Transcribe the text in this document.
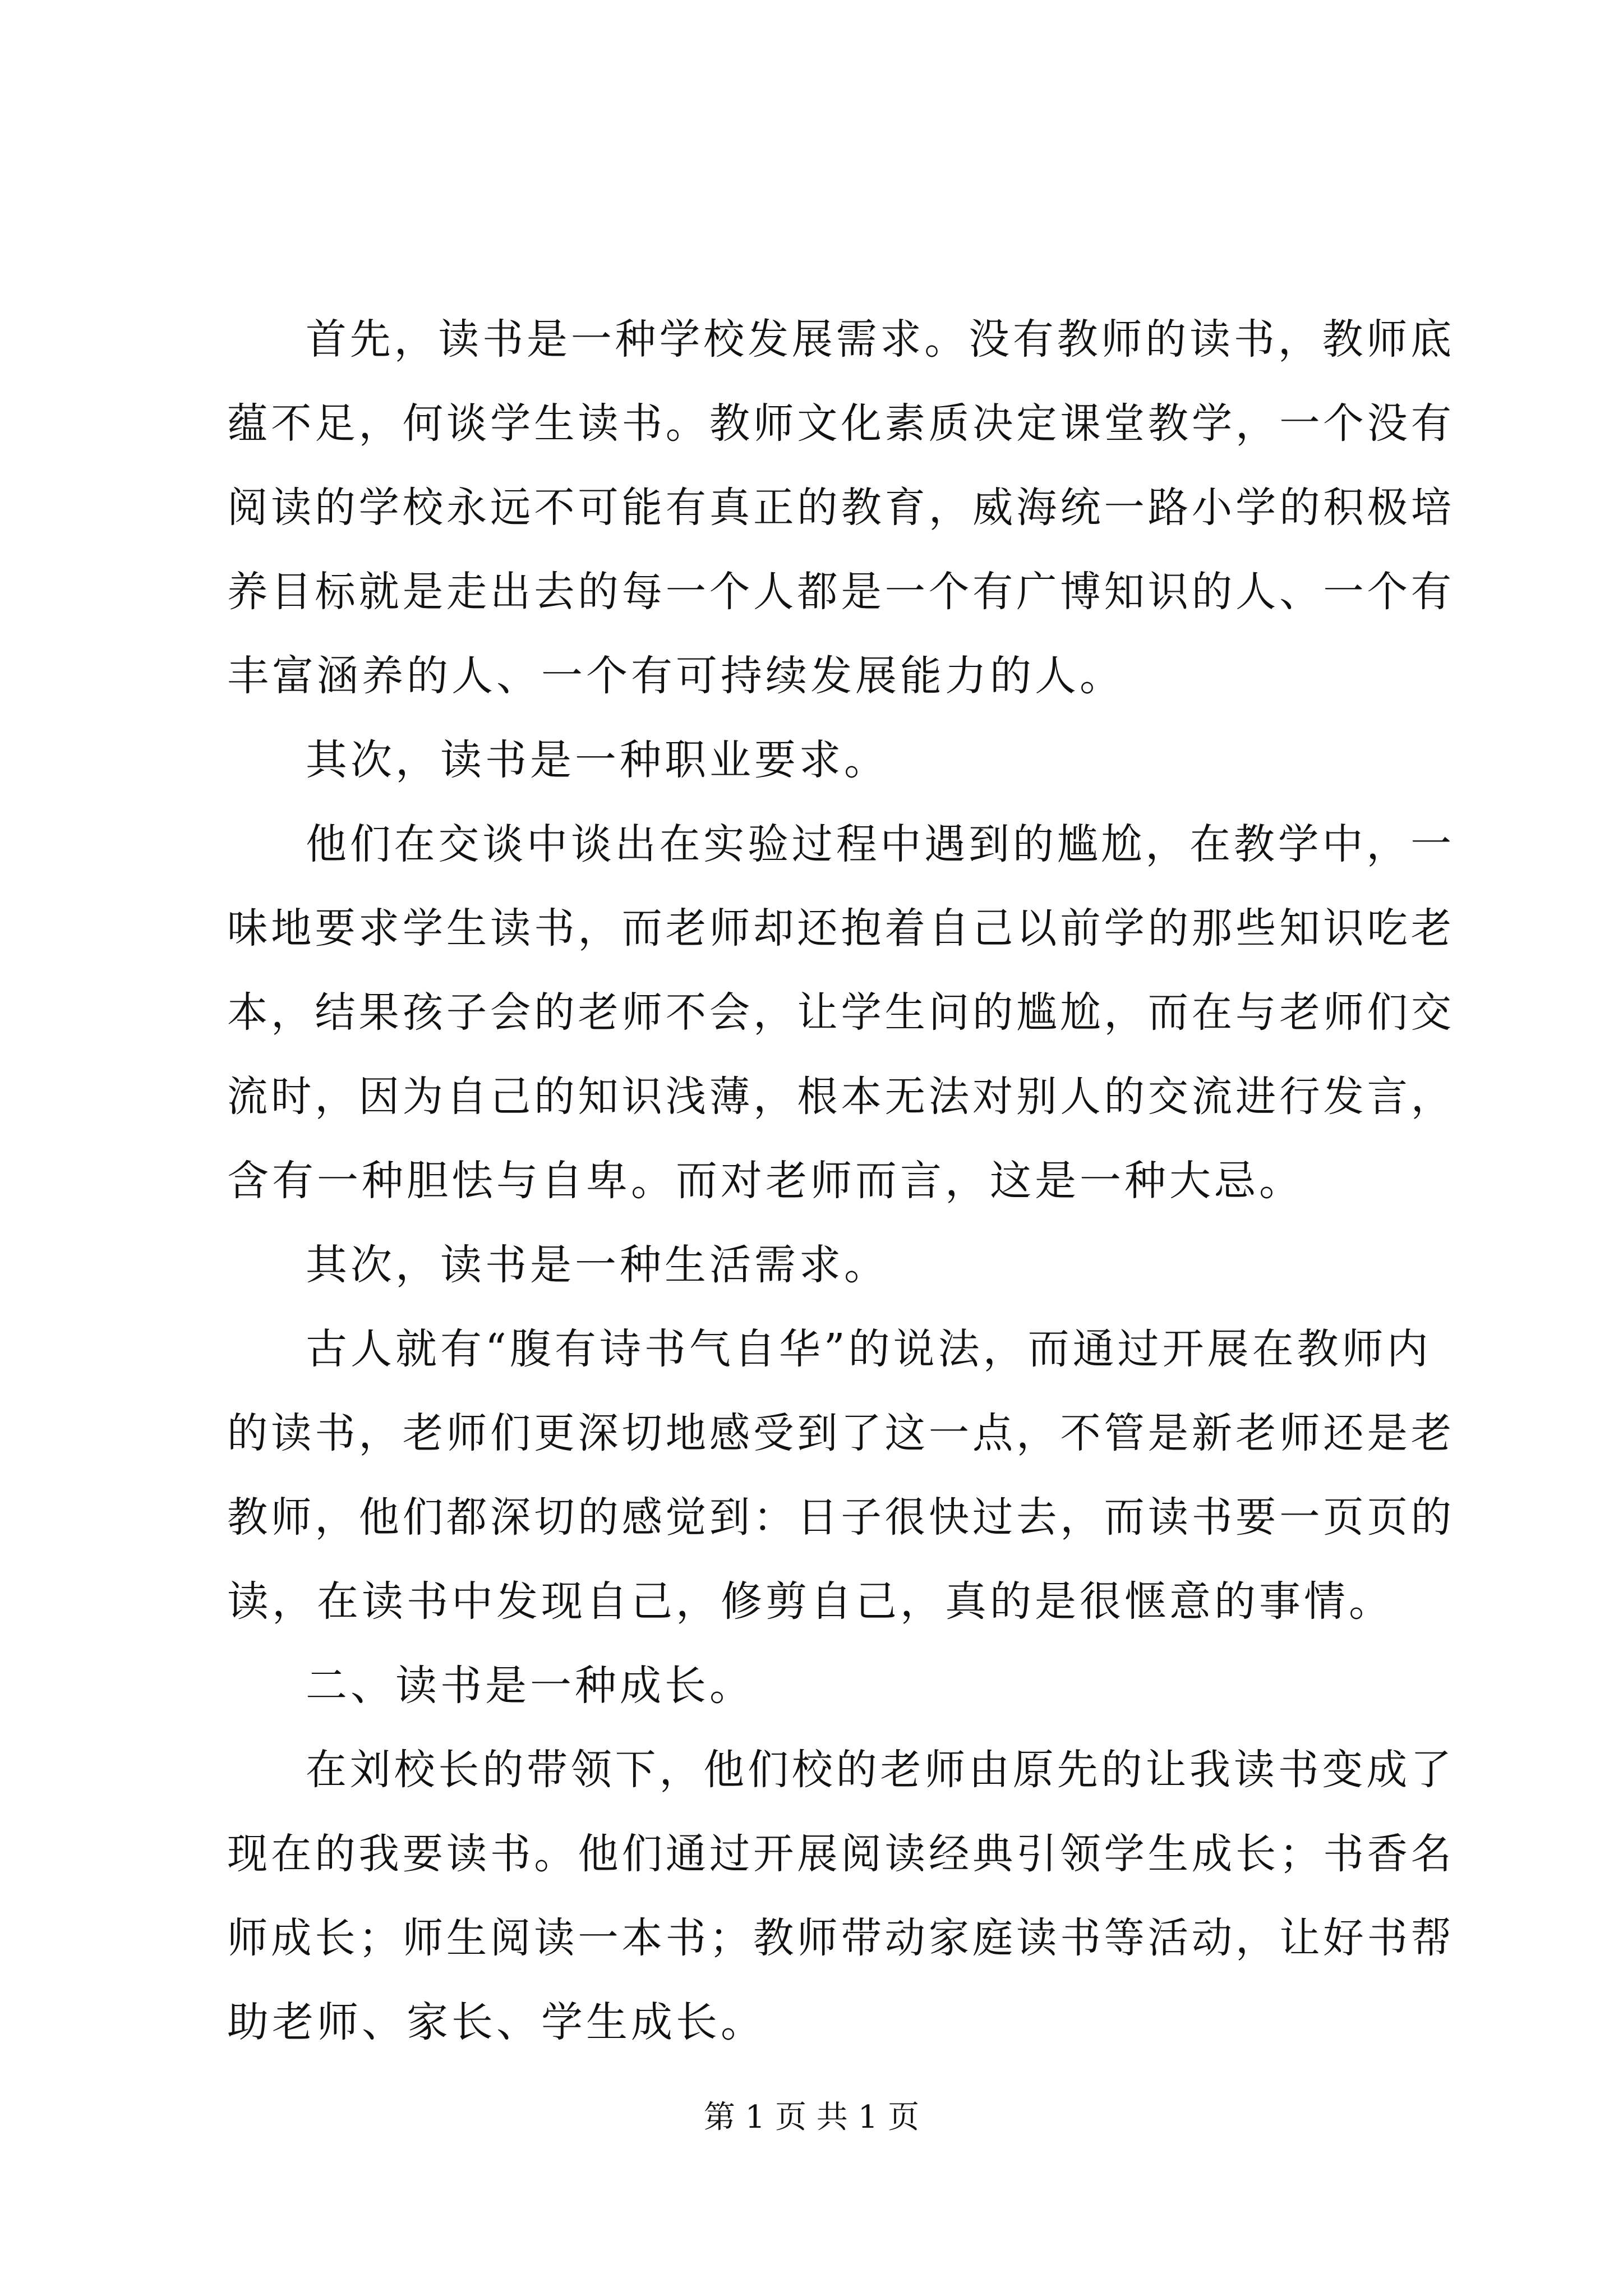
首先，读书是一种学校发展需求。没有教师的读书，教师底
蕴不足，何谈学生读书。教师文化素质决定课堂教学，一个没有
阅读的学校永远不可能有真正的教育，威海统一路小学的积极培
养目标就是走出去的每一个人都是一个有广博知识的人、一个有
丰富涵养的人、一个有可持续发展能力的人。
其次，读书是一种职业要求。
他们在交谈中谈出在实验过程中遇到的尴尬，在教学中，一
味地要求学生读书，而老师却还抱着自己以前学的那些知识吃老
本，结果孩子会的老师不会，让学生问的尴尬，而在与老师们交
流时，因为自己的知识浅薄，根本无法对别人的交流进行发言，
含有一种胆怯与自卑。而对老师而言，这是一种大忌。
其次，读书是一种生活需求。
古人就有“腹有诗书气自华”的说法，而通过开展在教师内
的读书，老师们更深切地感受到了这一点，不管是新老师还是老
教师，他们都深切的感觉到：日子很快过去，而读书要一页页的
读，在读书中发现自己，修剪自己，真的是很惬意的事情。
二、读书是一种成长。
在刘校长的带领下，他们校的老师由原先的让我读书变成了
现在的我要读书。他们通过开展阅读经典引领学生成长；书香名
师成长；师生阅读一本书；教师带动家庭读书等活动，让好书帮
助老师、家长、学生成长。
第 1 页 共 1 页
